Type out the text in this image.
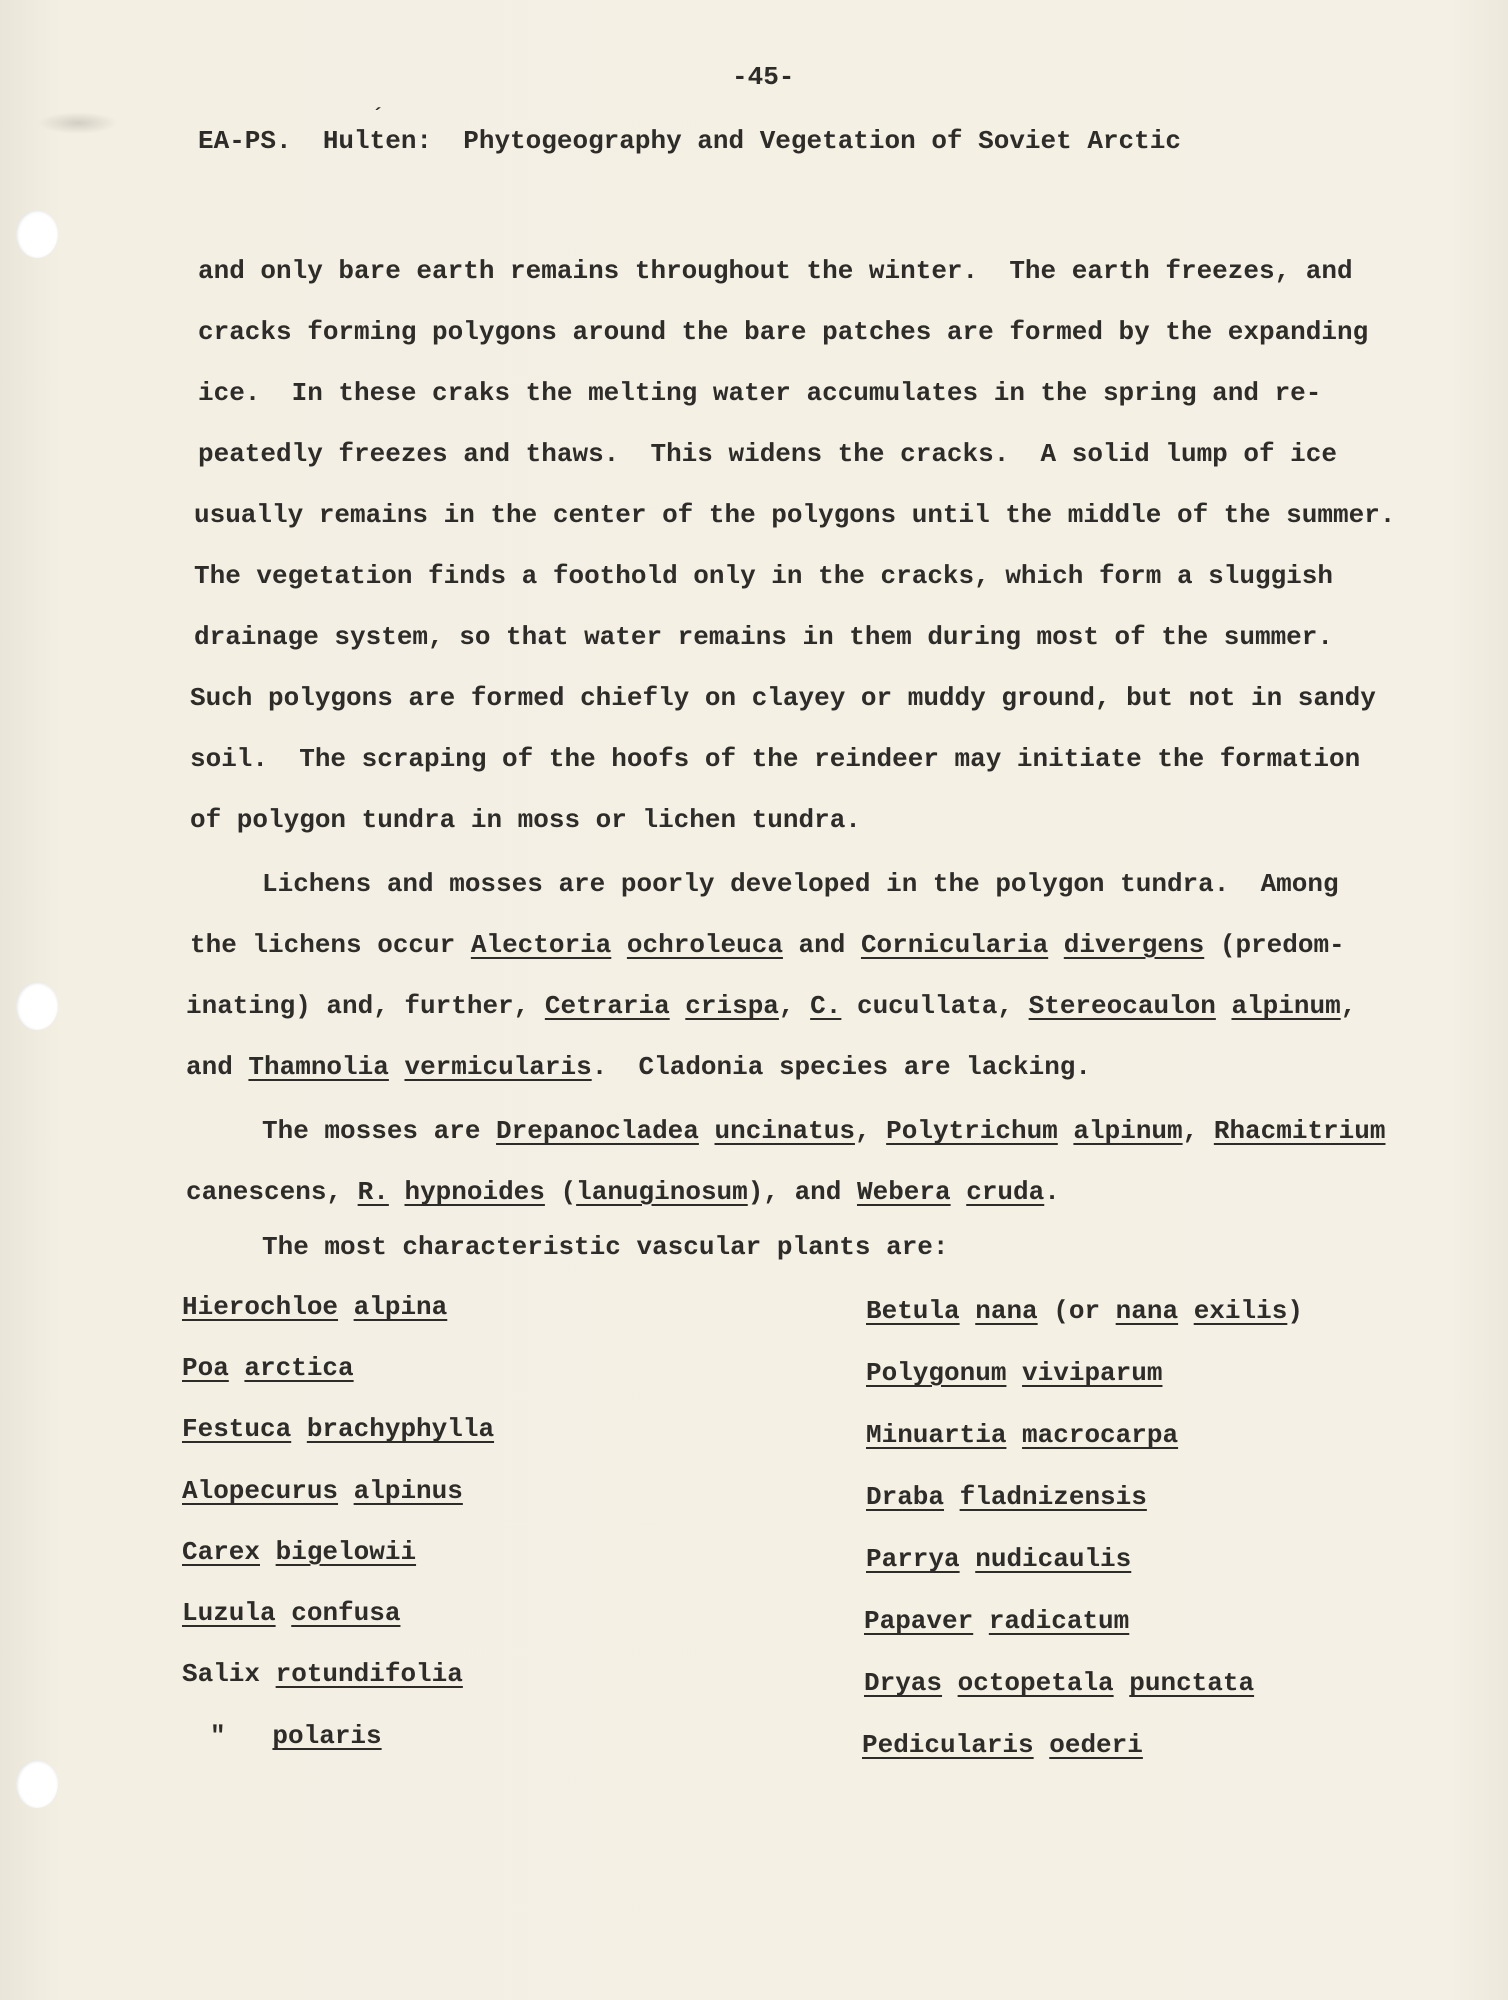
-45-
´
EA-PS.  Hulten:  Phytogeography and Vegetation of Soviet Arctic
and only bare earth remains throughout the winter.  The earth freezes, and
cracks forming polygons around the bare patches are formed by the expanding
ice.  In these craks the melting water accumulates in the spring and re-
peatedly freezes and thaws.  This widens the cracks.  A solid lump of ice
usually remains in the center of the polygons until the middle of the summer.
The vegetation finds a foothold only in the cracks, which form a sluggish
drainage system, so that water remains in them during most of the summer.
Such polygons are formed chiefly on clayey or muddy ground, but not in sandy
soil.  The scraping of the hoofs of the reindeer may initiate the formation
of polygon tundra in moss or lichen tundra.
Lichens and mosses are poorly developed in the polygon tundra.  Among
the lichens occur Alectoria ochroleuca and Cornicularia divergens (predom-
inating) and, further, Cetraria crispa, C. cucullata, Stereocaulon alpinum,
and Thamnolia vermicularis.  Cladonia species are lacking.
The mosses are Drepanocladea uncinatus, Polytrichum alpinum, Rhacmitrium
canescens, R. hypnoides (lanuginosum), and Webera cruda.
The most characteristic vascular plants are:
Hierochloe alpina
Poa arctica
Festuca brachyphylla
Alopecurus alpinus
Carex bigelowii
Luzula confusa
Salix rotundifolia
" polaris
Betula nana (or nana exilis)
Polygonum viviparum
Minuartia macrocarpa
Draba fladnizensis
Parrya nudicaulis
Papaver radicatum
Dryas octopetala punctata
Pedicularis oederi
